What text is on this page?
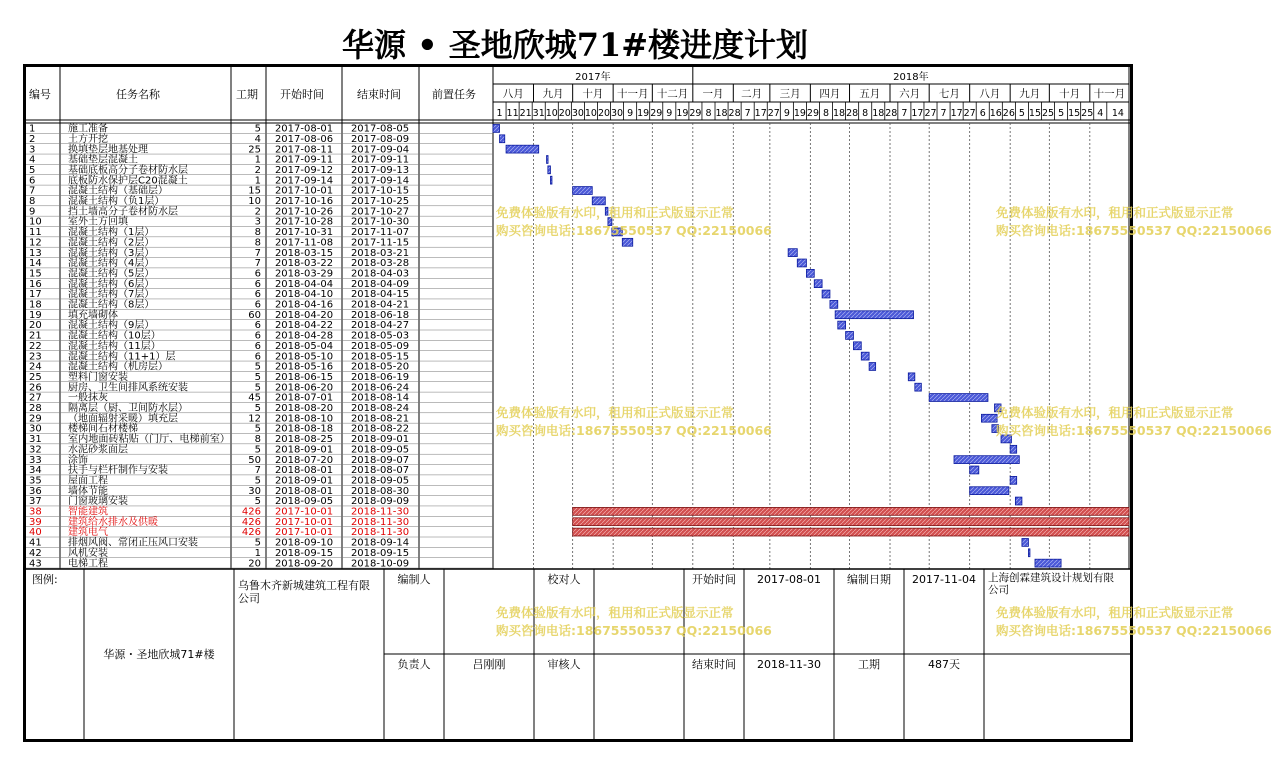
华源 • 圣地欣城71#楼进度计划
编号	任务名称	工期 开始时间	结束时间	前置任务
2017年	2018年
八月 九月 十月 十一月 十二月 一月 二月 三月 四月 五月 六月 七月 八月 九月 十月 十一月
1 11 21 31 10 20 30 10 20 30 9 19 29 9 19 29 8 18 28 7 17 27 9 19 29 8 18 28 8 18 28 7 17 27 7 17 27 6 16 26 5 15 25 5 15 25 4 14
1	施工准备	5 2017-08-01 2017-08-05
2	土方开挖	4 2017-08-06 2017-08-09
3	换填垫层地基处理	25 2017-08-11 2017-09-04
4	基础垫层混凝土	1 2017-09-11 2017-09-11
5	基础底板高分子卷材防水层	2 2017-09-12 2017-09-13
6	底板防水保护层C20混凝土	1 2017-09-14 2017-09-14
7	混凝土结构（基础层）	15 2017-10-01 2017-10-15
8	混凝土结构（负1层）	10 2017-10-16 2017-10-25
9	挡土墙高分子卷材防水层	2 2017-10-26 2017-10-27
10	室外土方回填	3 2017-10-28 2017-10-30
11	混凝土结构（1层）	8 2017-10-31 2017-11-07
12	混凝土结构（2层）	8 2017-11-08 2017-11-15
13	混凝土结构（3层）	7 2018-03-15 2018-03-21
14	混凝土结构（4层）	7 2018-03-22 2018-03-28
15	混凝土结构（5层）	6 2018-03-29 2018-04-03
16	混凝土结构（6层）	6 2018-04-04 2018-04-09
17	混凝土结构（7层）	6 2018-04-10 2018-04-15
18	混凝土结构（8层）	6 2018-04-16 2018-04-21
19	填充墙砌体	60 2018-04-20 2018-06-18
20	混凝土结构（9层）	6 2018-04-22 2018-04-27
21	混凝土结构（10层）	6 2018-04-28 2018-05-03
22	混凝土结构（11层）	6 2018-05-04 2018-05-09
23	混凝土结构（11+1）层	6 2018-05-10 2018-05-15
24	混凝土结构（机房层）	5 2018-05-16 2018-05-20
25	塑料门窗安装	5 2018-06-15 2018-06-19
26	厨房、卫生间排风系统安装	5 2018-06-20 2018-06-24
27	一般抹灰	45 2018-07-01 2018-08-14
28	隔离层（厨、卫间防水层）	5 2018-08-20 2018-08-24
29	（地面辐射采暖）填充层	12 2018-08-10 2018-08-21
30	楼梯间石材楼梯	5 2018-08-18 2018-08-22
31	室内地面砖粘贴（门厅、电梯前室）	8 2018-08-25 2018-09-01
32	水泥砂浆面层	5 2018-09-01 2018-09-05
33	涂饰	50 2018-07-20 2018-09-07
34	扶手与栏杆制作与安装	7 2018-08-01 2018-08-07
35	屋面工程	5 2018-09-01 2018-09-05
36	墙体节能	30 2018-08-01 2018-08-30
37	门窗玻璃安装	5 2018-09-05 2018-09-09
38	智能建筑	426 2017-10-01 2018-11-30
39	建筑给水排水及供暖	426 2017-10-01 2018-11-30
40	建筑电气	426 2017-10-01 2018-11-30
41	排烟风阀、常闭正压风口安装	5 2018-09-10 2018-09-14
42	风机安装	1 2018-09-15 2018-09-15
43	电梯工程	20 2018-09-20 2018-10-09
图例:
华源・圣地欣城71#楼
编制人	校对人	开始时间 2017-08-01 编制日期 2017-11-04
负责人	吕刚刚	审核人	结束时间 2018-11-30	工期	487天
乌鲁木齐新城建筑工程有限
公司
上海创霖建筑设计规划有限
公司
免费体验版有水印，租用和正式版显示正常
购买咨询电话:18675550537 QQ:22150066
免费体验版有水印，租用和正式版显示正常
购买咨询电话:18675550537 QQ:22150066
免费体验版有水印，租用和正式版显示正常
购买咨询电话:18675550537 QQ:22150066
免费体验版有水印，租用和正式版显示正常
购买咨询电话:18675550537 QQ:22150066
免费体验版有水印，租用和正式版显示正常
购买咨询电话:18675550537 QQ:22150066
免费体验版有水印，租用和正式版显示正常
购买咨询电话:18675550537 QQ:22150066
